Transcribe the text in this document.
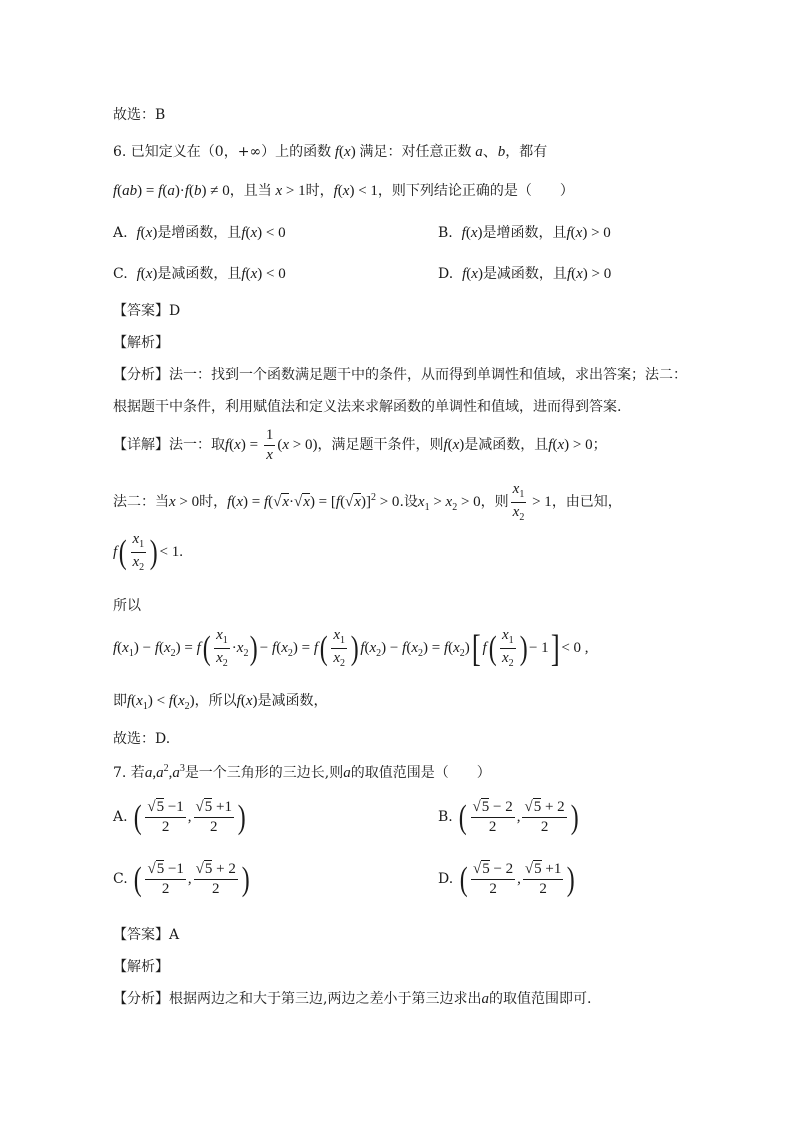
故选：B
6. 已知定义在（0，+∞）上的函数 f(x) 满足：对任意正数 a、b，都有
f(ab) = f(a)·f(b) ≠ 0，且当 x > 1时，f(x) < 1，则下列结论正确的是（　　）
A. f(x)是增函数，且f(x) < 0	B. f(x)是增函数，且f(x) > 0
C. f(x)是减函数，且f(x) < 0	D. f(x)是减函数，且f(x) > 0
【答案】D
【解析】
【分析】法一：找到一个函数满足题干中的条件，从而得到单调性和值域，求出答案；法二：
根据题干中条件，利用赋值法和定义法来求解函数的单调性和值域，进而得到答案.
【详解】法一：取$f(x) = \frac{1}{x} (x > 0)$，满足题干条件，则f(x)是减函数，且f(x) > 0；
法二：当x > 0时，$f(x) = f(√x\cdot√x) = [f(√x)]^2 > 0$.设$x_1 > x_2 > 0$，则 $\frac{x_1}{x_2} > 1$，由已知，
$f( \frac{x_1}{x_2}$ ) < 1.
所以
$f(x_1) - f(x_2) = f( \frac{x_1}{x_2} \cdot x_2) - f(x_2) = f( \frac{x_1}{x_2}$ ) $f(x_2) - f(x_2) = f(x_2)$[ $f( \frac{x_1}{x_2}$ ) − 1] < 0 ,
即$f(x_1) < f(x_2)$，所以f(x)是减函数，
故选：D.
7. 若$a,a^2,a^3$是一个三角形的三边长,则a的取值范围是（　　）
A. ( $\frac{√5 -1}{2}$ , $\frac{√5 +1}{2}$ )	B. ( $\frac{√5 - 2}{2}$ , $\frac{√5 + 2}{2}$ )
C. ( $\frac{√5 -1}{2}$ , $\frac{√5 + 2}{2}$ )	D. ( $\frac{√5 - 2}{2}$ , $\frac{√5 +1}{2}$ )
【答案】A
【解析】
【分析】根据两边之和大于第三边,两边之差小于第三边求出a的取值范围即可.
